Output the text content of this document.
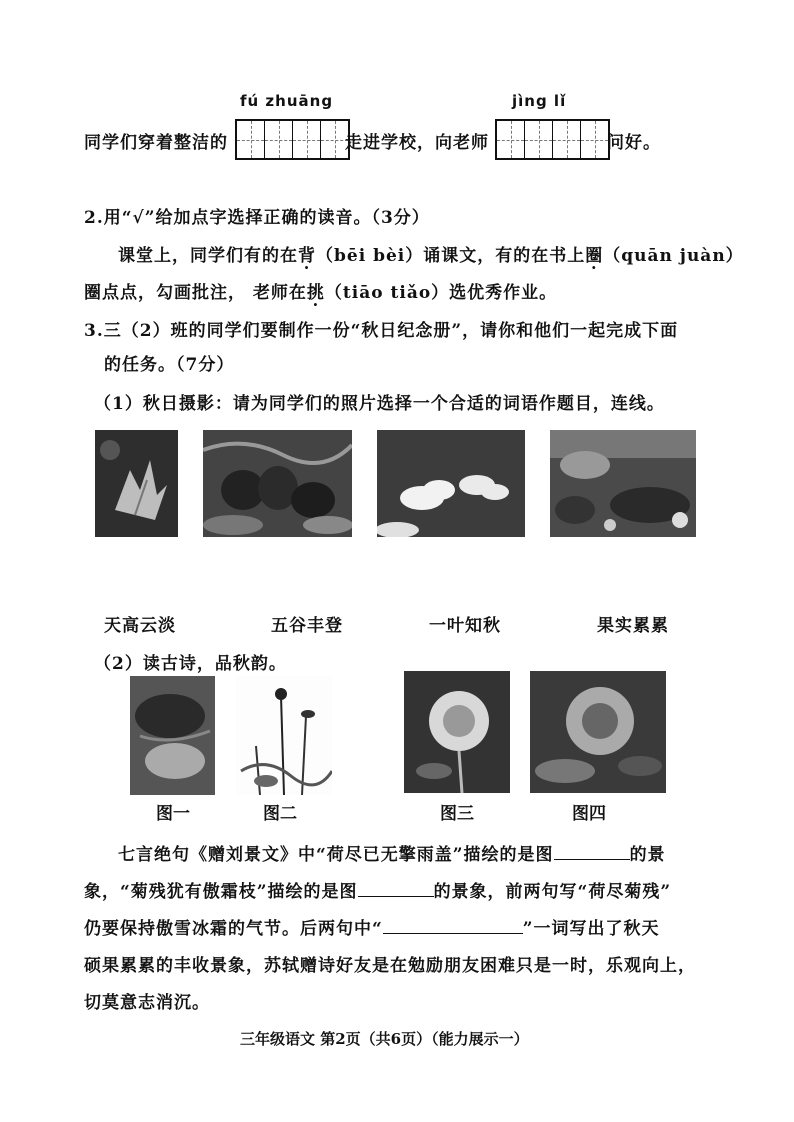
fú zhuāng	jìng lǐ
同学们穿着整洁的	走进学校，向老师	问好。
2.用“√”给加点字选择正确的读音。（3分）
课堂上，同学们有的在背（bēi bèi）诵课文，有的在书上圈（quān juàn）
圈点点，勾画批注， 老师在挑（tiāo tiǎo）选优秀作业。
3.三（2）班的同学们要制作一份“秋日纪念册”，请你和他们一起完成下面
的任务。（7分）
（1）秋日摄影：请为同学们的照片选择一个合适的词语作题目，连线。
天高云淡	五谷丰登	一叶知秋	果实累累
（2）读古诗，品秋韵。
图一	图二	图三	图四
七言绝句《赠刘景文》中“荷尽已无擎雨盖”描绘的是图	的景
象，“菊残犹有傲霜枝”描绘的是图	的景象，前两句写“荷尽菊残”
仍要保持傲雪冰霜的气节。后两句中“	”一词写出了秋天
硕果累累的丰收景象，苏轼赠诗好友是在勉励朋友困难只是一时，乐观向上，
切莫意志消沉。
三年级语文 第2页（共6页）（能力展示一）
